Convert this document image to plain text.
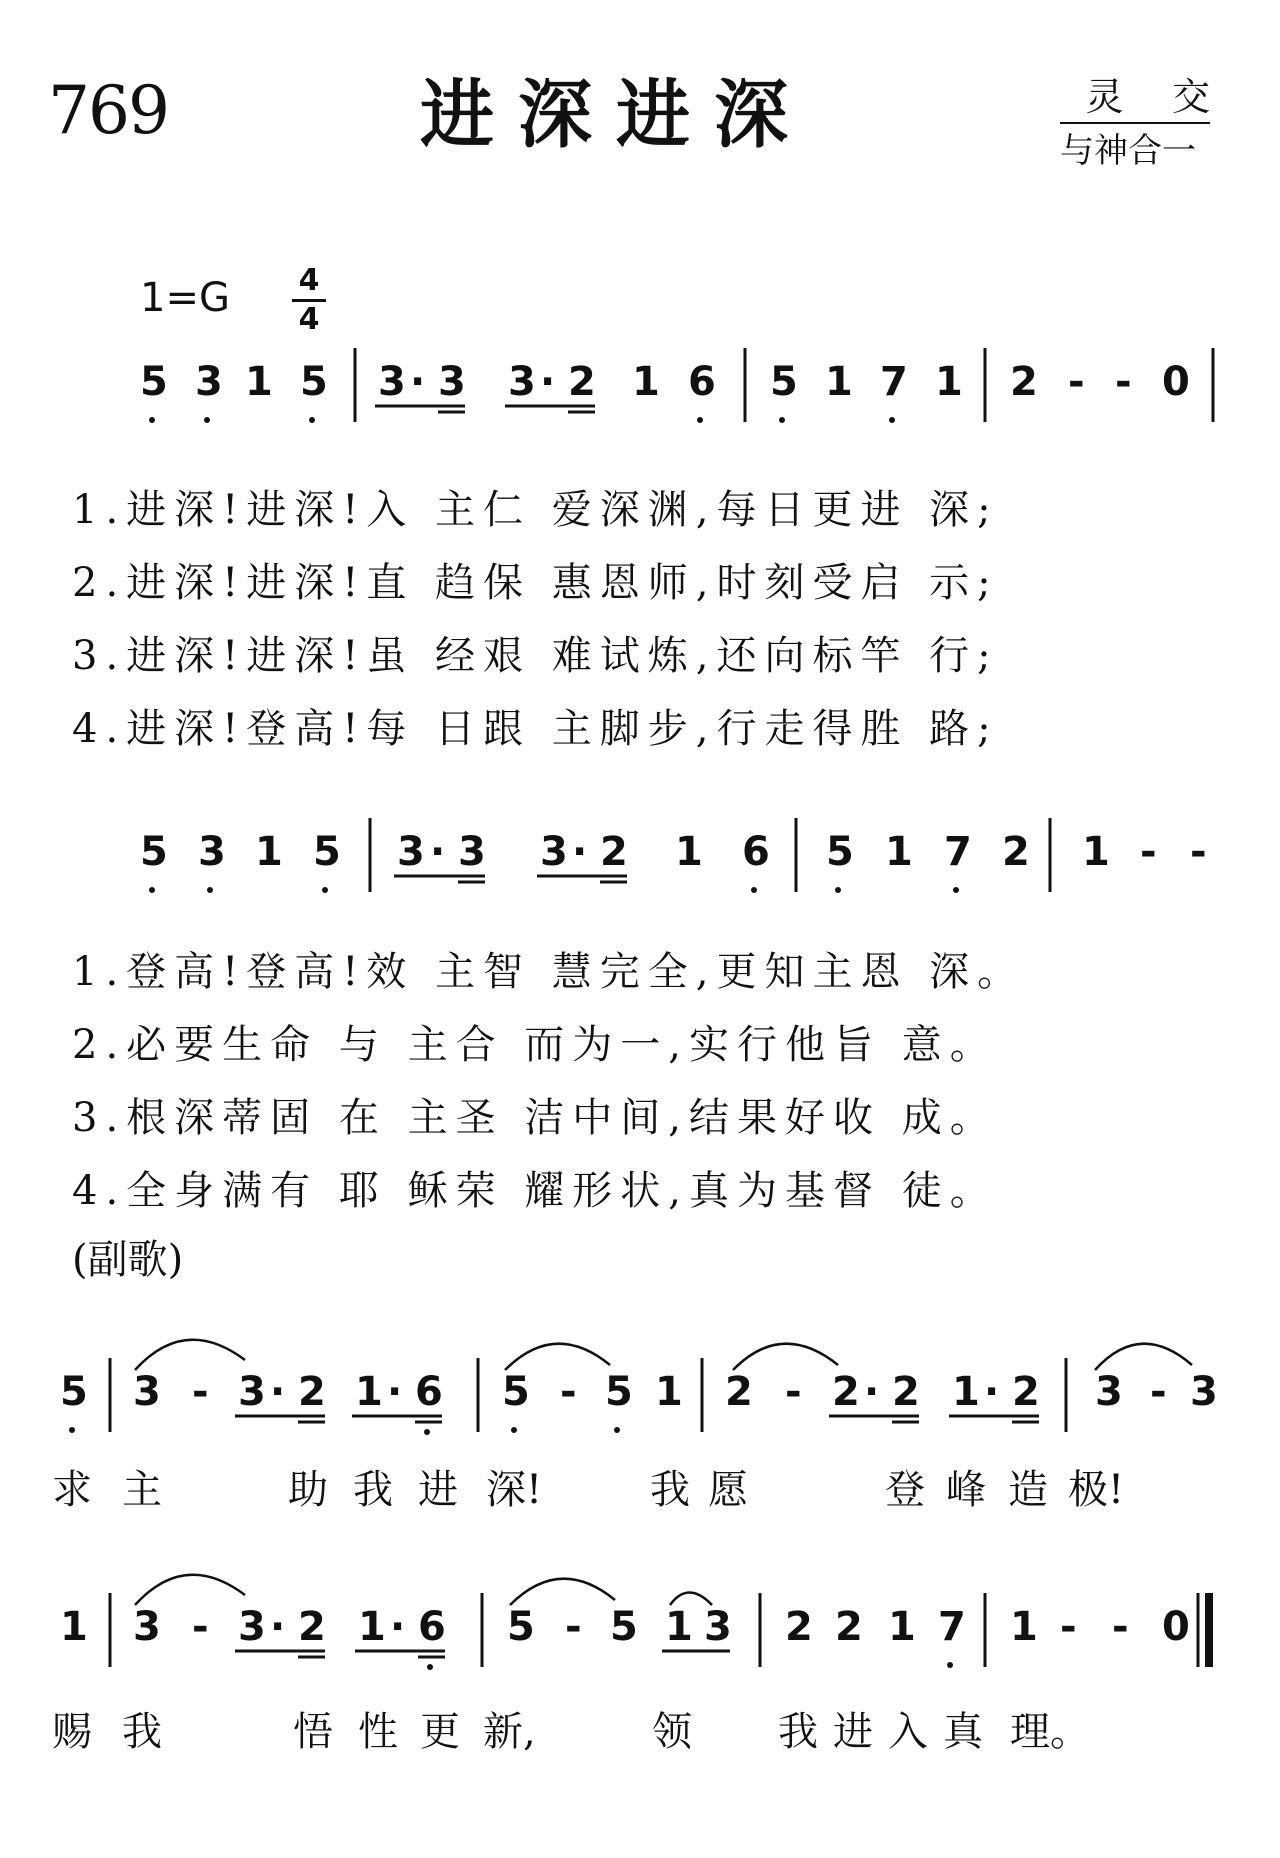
769	进深进深	灵    交
与神合一
1=G 4
4
5 3 1 5 3 · 3 3 · 2 1 6 5 1 7 1 2 - - 0
1.进深!进深!入 主仁 爱深渊,每日更进 深;
2.进深!进深!直 趋保 惠恩师,时刻受启 示;
3.进深!进深!虽 经艰 难试炼,还向标竿 行;
4.进深!登高!每 日跟 主脚步,行走得胜 路;
5 3 1 5 3 · 3 3 · 2 1 6 5 1 7 2 1 - -
1.登高!登高!效 主智 慧完全,更知主恩 深。
2.必要生命 与 主合 而为一,实行他旨 意。
3.根深蒂固 在 主圣 洁中间,结果好收 成。
4.全身满有 耶 稣荣 耀形状,真为基督 徒。
(副歌)
5 3 - 3 · 2 1 · 6 5 - 5 1 2 - 2 · 2 1 · 2 3 - 3
求 主	助 我 进 深!	我 愿	登 峰 造 极!
1 3 - 3 · 2 1 · 6 5 - 5 1 3 2 2 1 7 1 - - 0
赐 我	悟 性 更 新,	领 我 进 入 真 理。
